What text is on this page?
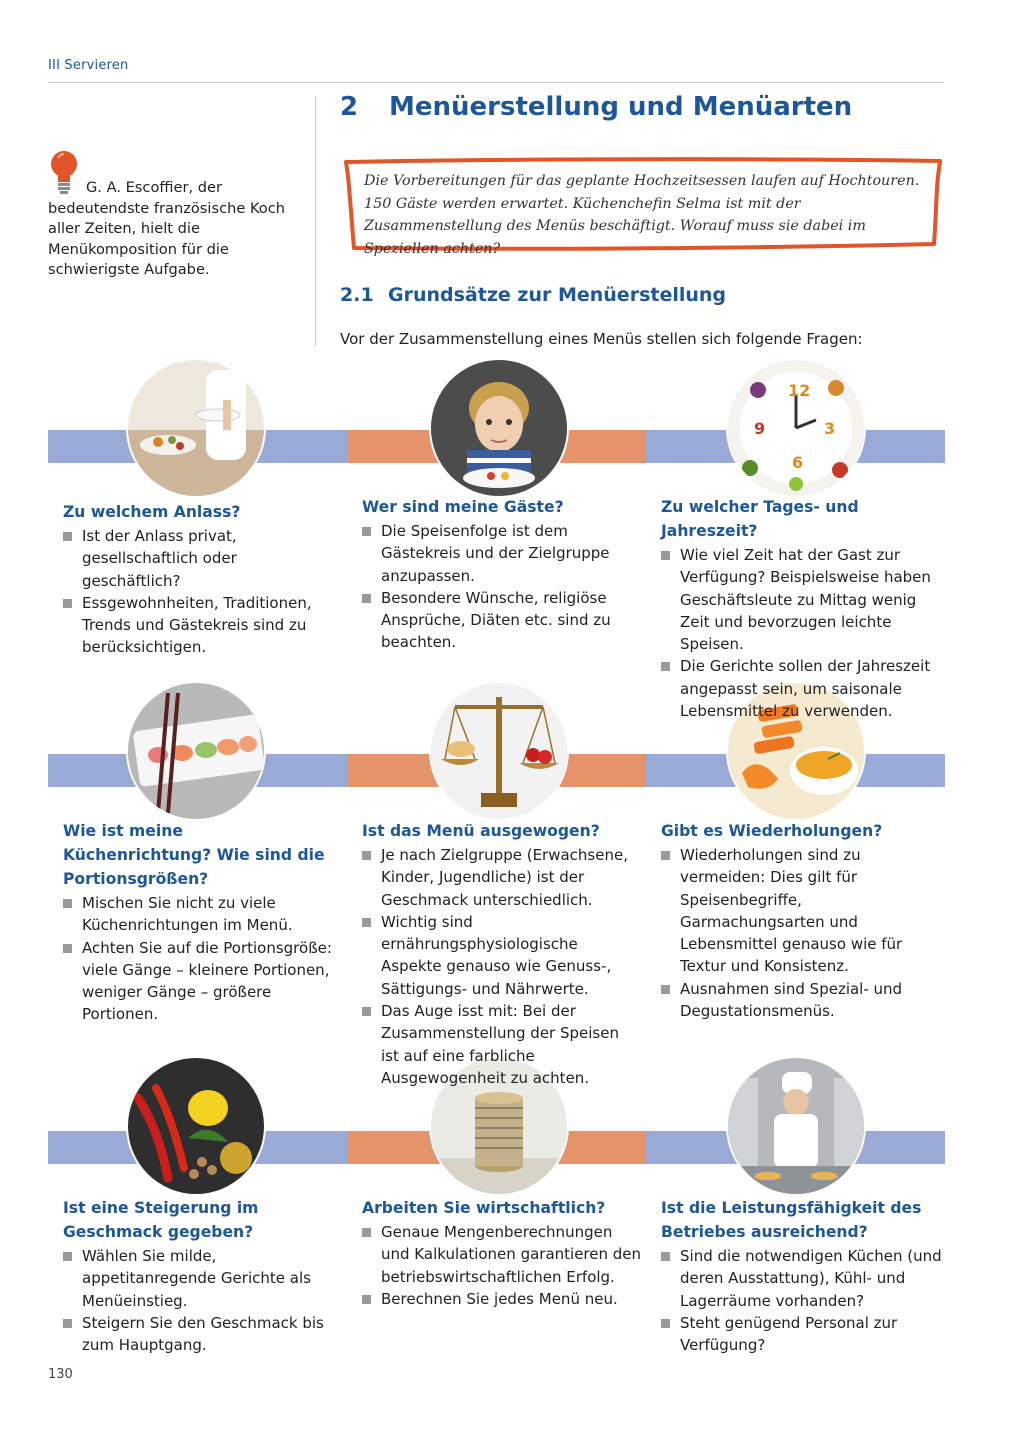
III Servieren
G. A. Escoffier, der bedeutendste französische Koch aller Zeiten, hielt die Menükomposition für die schwierigste Aufgabe.
2 Menüerstellung und Menüarten
Die Vorbereitungen für das geplante Hochzeitsessen laufen auf Hochtouren. 150 Gäste werden erwartet. Küchenchefin Selma ist mit der Zusammenstellung des Menüs beschäftigt. Worauf muss sie dabei im Speziellen achten?
2.1 Grundsätze zur Menüerstellung
Vor der Zusammenstellung eines Menüs stellen sich folgende Fragen:
12
3
6
9
Zu welchem Anlass?
Ist der Anlass privat, gesellschaftlich oder geschäftlich?
Essgewohnheiten, Traditionen, Trends und Gästekreis sind zu berücksichtigen.
Wer sind meine Gäste?
Die Speisenfolge ist dem Gästekreis und der Zielgruppe anzupassen.
Besondere Wünsche, religiöse Ansprüche, Diäten etc. sind zu beachten.
Zu welcher Tages- und Jahreszeit?
Wie viel Zeit hat der Gast zur Verfügung? Beispielsweise haben Geschäftsleute zu Mittag wenig Zeit und bevorzugen leichte Speisen.
Die Gerichte sollen der Jahreszeit angepasst sein, um saisonale Lebensmittel zu verwenden.
Wie ist meine Küchenrichtung? Wie sind die Portionsgrößen?
Mischen Sie nicht zu viele Küchenrichtungen im Menü.
Achten Sie auf die Portionsgröße: viele Gänge – kleinere Portionen, weniger Gänge – größere Portionen.
Ist das Menü ausgewogen?
Je nach Zielgruppe (Erwachsene, Kinder, Jugendliche) ist der Geschmack unterschiedlich.
Wichtig sind ernährungsphysiologische Aspekte genauso wie Genuss-, Sättigungs- und Nährwerte.
Das Auge isst mit: Bei der Zusammenstellung der Speisen ist auf eine farbliche Ausgewogenheit zu achten.
Gibt es Wiederholungen?
Wiederholungen sind zu vermeiden: Dies gilt für Speisenbegriffe, Garmachungsarten und Lebensmittel genauso wie für Textur und Konsistenz.
Ausnahmen sind Spezial- und Degustationsmenüs.
Ist eine Steigerung im Geschmack gegeben?
Wählen Sie milde, appetitanregende Gerichte als Menüeinstieg.
Steigern Sie den Geschmack bis zum Hauptgang.
Arbeiten Sie wirtschaftlich?
Genaue Mengenberechnungen und Kalkulationen garantieren den betriebswirtschaftlichen Erfolg.
Berechnen Sie jedes Menü neu.
Ist die Leistungsfähigkeit des Betriebes ausreichend?
Sind die notwendigen Küchen (und deren Ausstattung), Kühl- und Lagerräume vorhanden?
Steht genügend Personal zur Verfügung?
130
